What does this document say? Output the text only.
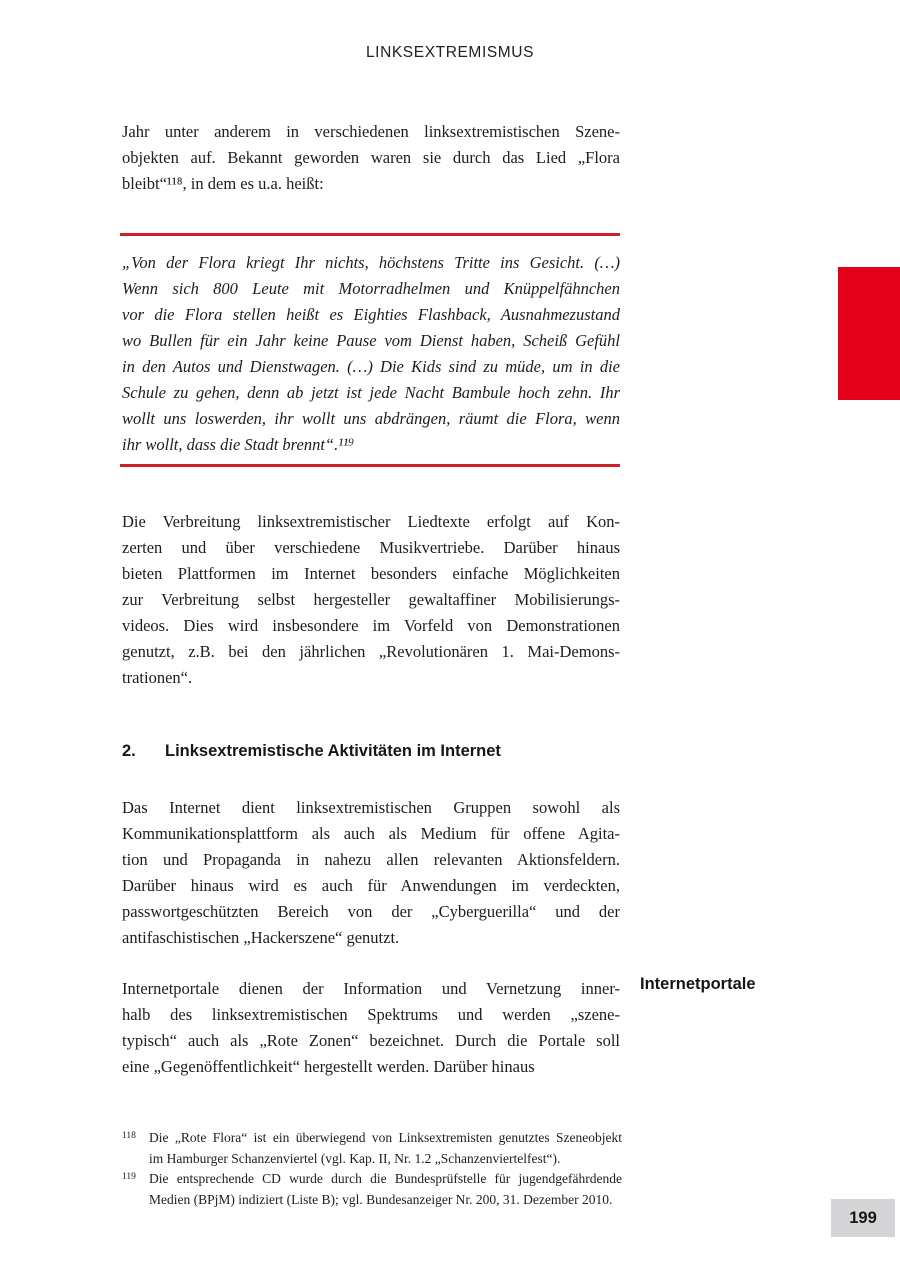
LINKSEXTREMISMUS
Jahr unter anderem in verschiedenen linksextremistischen Szene-
objekten auf. Bekannt geworden waren sie durch das Lied „Flora
bleibt“¹¹⁸, in dem es u.a. heißt:
„Von der Flora kriegt Ihr nichts, höchstens Tritte ins Gesicht. (…)
Wenn sich 800 Leute mit Motorradhelmen und Knüppelfähnchen
vor die Flora stellen heißt es Eighties Flashback, Ausnahmezustand
wo Bullen für ein Jahr keine Pause vom Dienst haben, Scheiß Gefühl
in den Autos und Dienstwagen. (…) Die Kids sind zu müde, um in die
Schule zu gehen, denn ab jetzt ist jede Nacht Bambule hoch zehn. Ihr
wollt uns loswerden, ihr wollt uns abdrängen, räumt die Flora, wenn
ihr wollt, dass die Stadt brennt“.¹¹⁹
Die Verbreitung linksextremistischer Liedtexte erfolgt auf Kon-
zerten und über verschiedene Musikvertriebe. Darüber hinaus
bieten Plattformen im Internet besonders einfache Möglichkeiten
zur Verbreitung selbst hergesteller gewaltaffiner Mobilisierungs-
videos. Dies wird insbesondere im Vorfeld von Demonstrationen
genutzt, z.B. bei den jährlichen „Revolutionären 1. Mai-Demons-
trationen“.
2. Linksextremistische Aktivitäten im Internet
Das Internet dient linksextremistischen Gruppen sowohl als
Kommunikationsplattform als auch als Medium für offene Agita-
tion und Propaganda in nahezu allen relevanten Aktionsfeldern.
Darüber hinaus wird es auch für Anwendungen im verdeckten,
passwortgeschützten Bereich von der „Cyberguerilla“ und der
antifaschistischen „Hackerszene“ genutzt.
Internetportale dienen der Information und Vernetzung inner-
halb des linksextremistischen Spektrums und werden „szene-
typisch“ auch als „Rote Zonen“ bezeichnet. Durch die Portale soll
eine „Gegenöffentlichkeit“ hergestellt werden. Darüber hinaus
Internetportale
118 Die „Rote Flora“ ist ein überwiegend von Linksextremisten genutztes Szeneobjekt
im Hamburger Schanzenviertel (vgl. Kap. II, Nr. 1.2 „Schanzenviertelfest“).
119 Die entsprechende CD wurde durch die Bundesprüfstelle für jugendgefährdende
Medien (BPjM) indiziert (Liste B); vgl. Bundesanzeiger Nr. 200, 31. Dezember 2010.
199
